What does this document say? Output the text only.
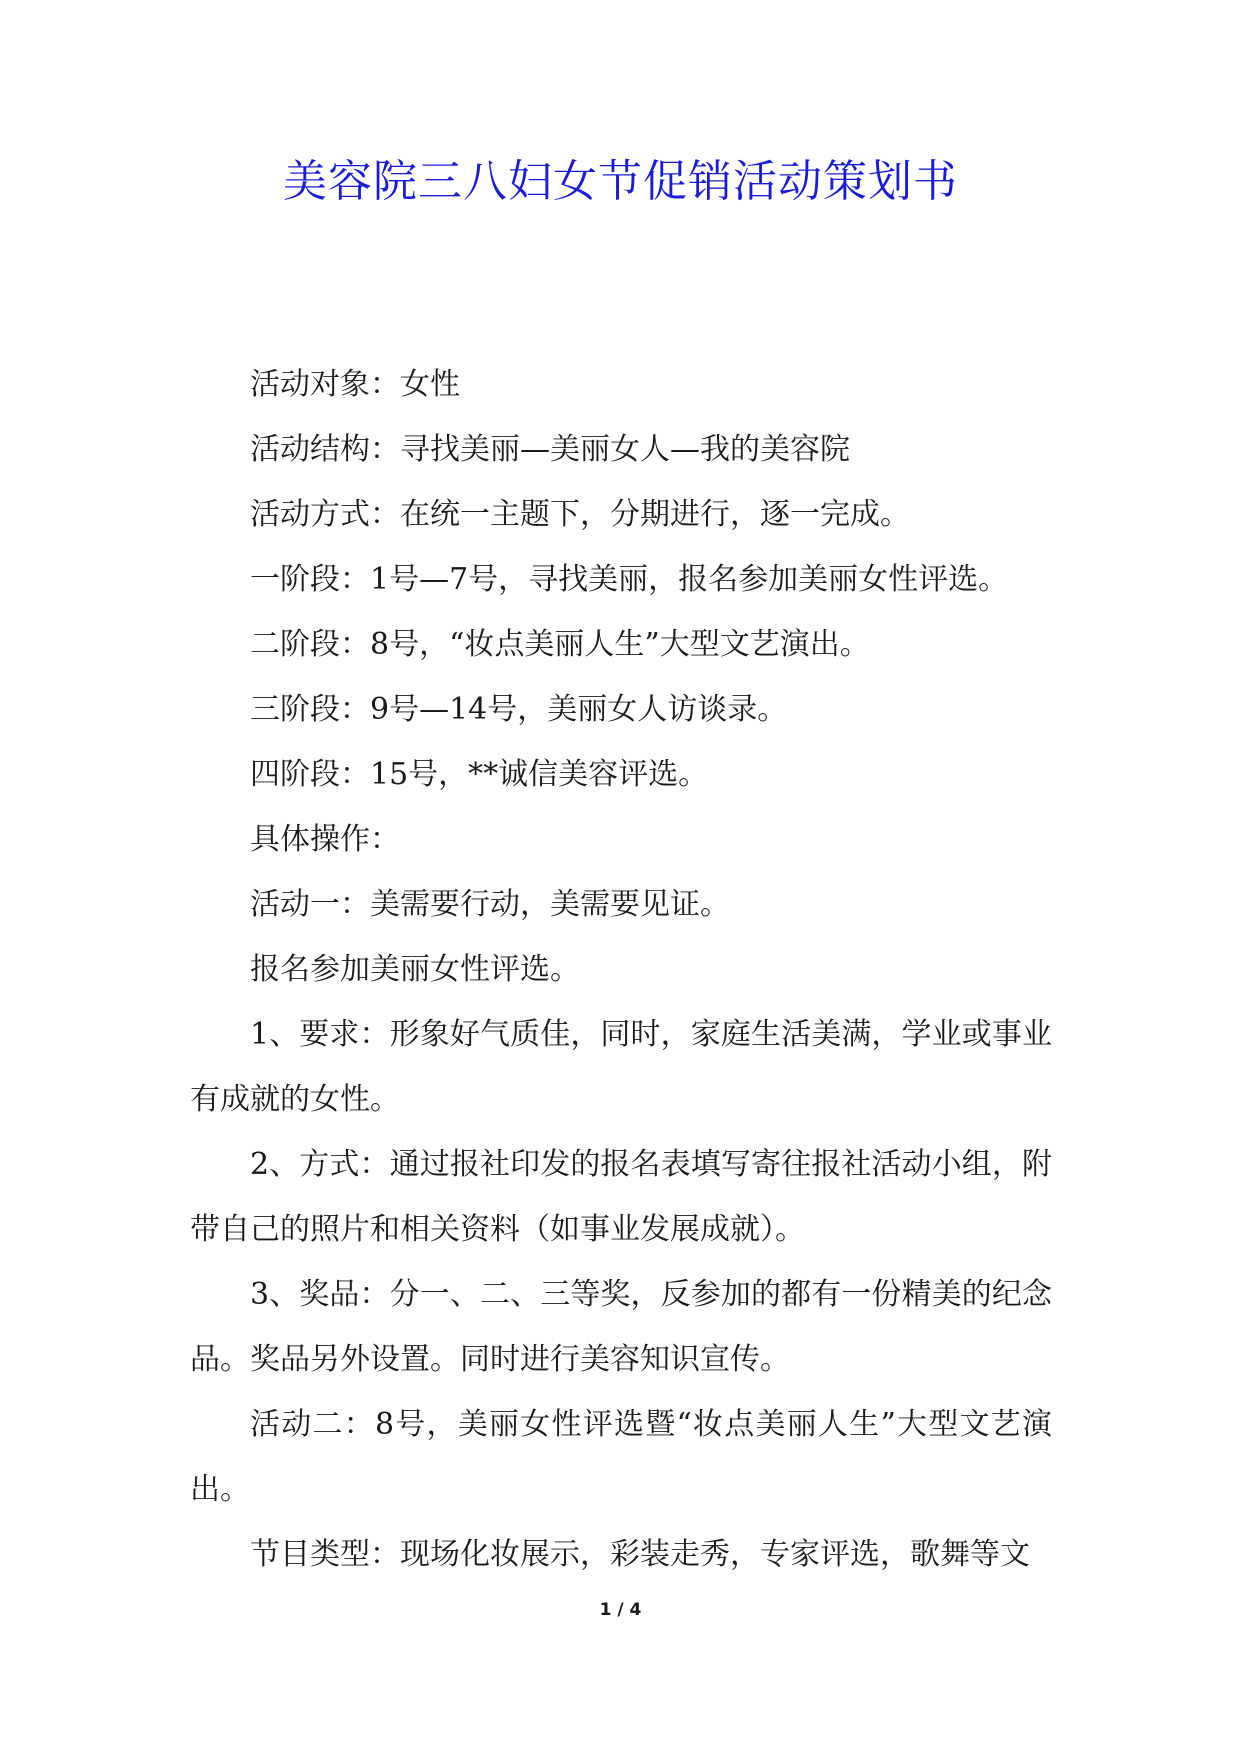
美容院三八妇女节促销活动策划书

活动对象：女性

活动结构：寻找美丽—美丽女人—我的美容院

活动方式：在统一主题下，分期进行，逐一完成。

一阶段：1号—7号，寻找美丽，报名参加美丽女性评选。

二阶段：8号，“妆点美丽人生”大型文艺演出。

三阶段：9号—14号，美丽女人访谈录。

四阶段：15号，**诚信美容评选。

具体操作：

活动一：美需要行动，美需要见证。

报名参加美丽女性评选。

1、要求：形象好气质佳，同时，家庭生活美满，学业或事业有成就的女性。

2、方式：通过报社印发的报名表填写寄往报社活动小组，附带自己的照片和相关资料（如事业发展成就）。

3、奖品：分一、二、三等奖，反参加的都有一份精美的纪念品。奖品另外设置。同时进行美容知识宣传。

活动二：8号，美丽女性评选暨“妆点美丽人生”大型文艺演出。

节目类型：现场化妆展示，彩装走秀，专家评选，歌舞等文

1 / 4
